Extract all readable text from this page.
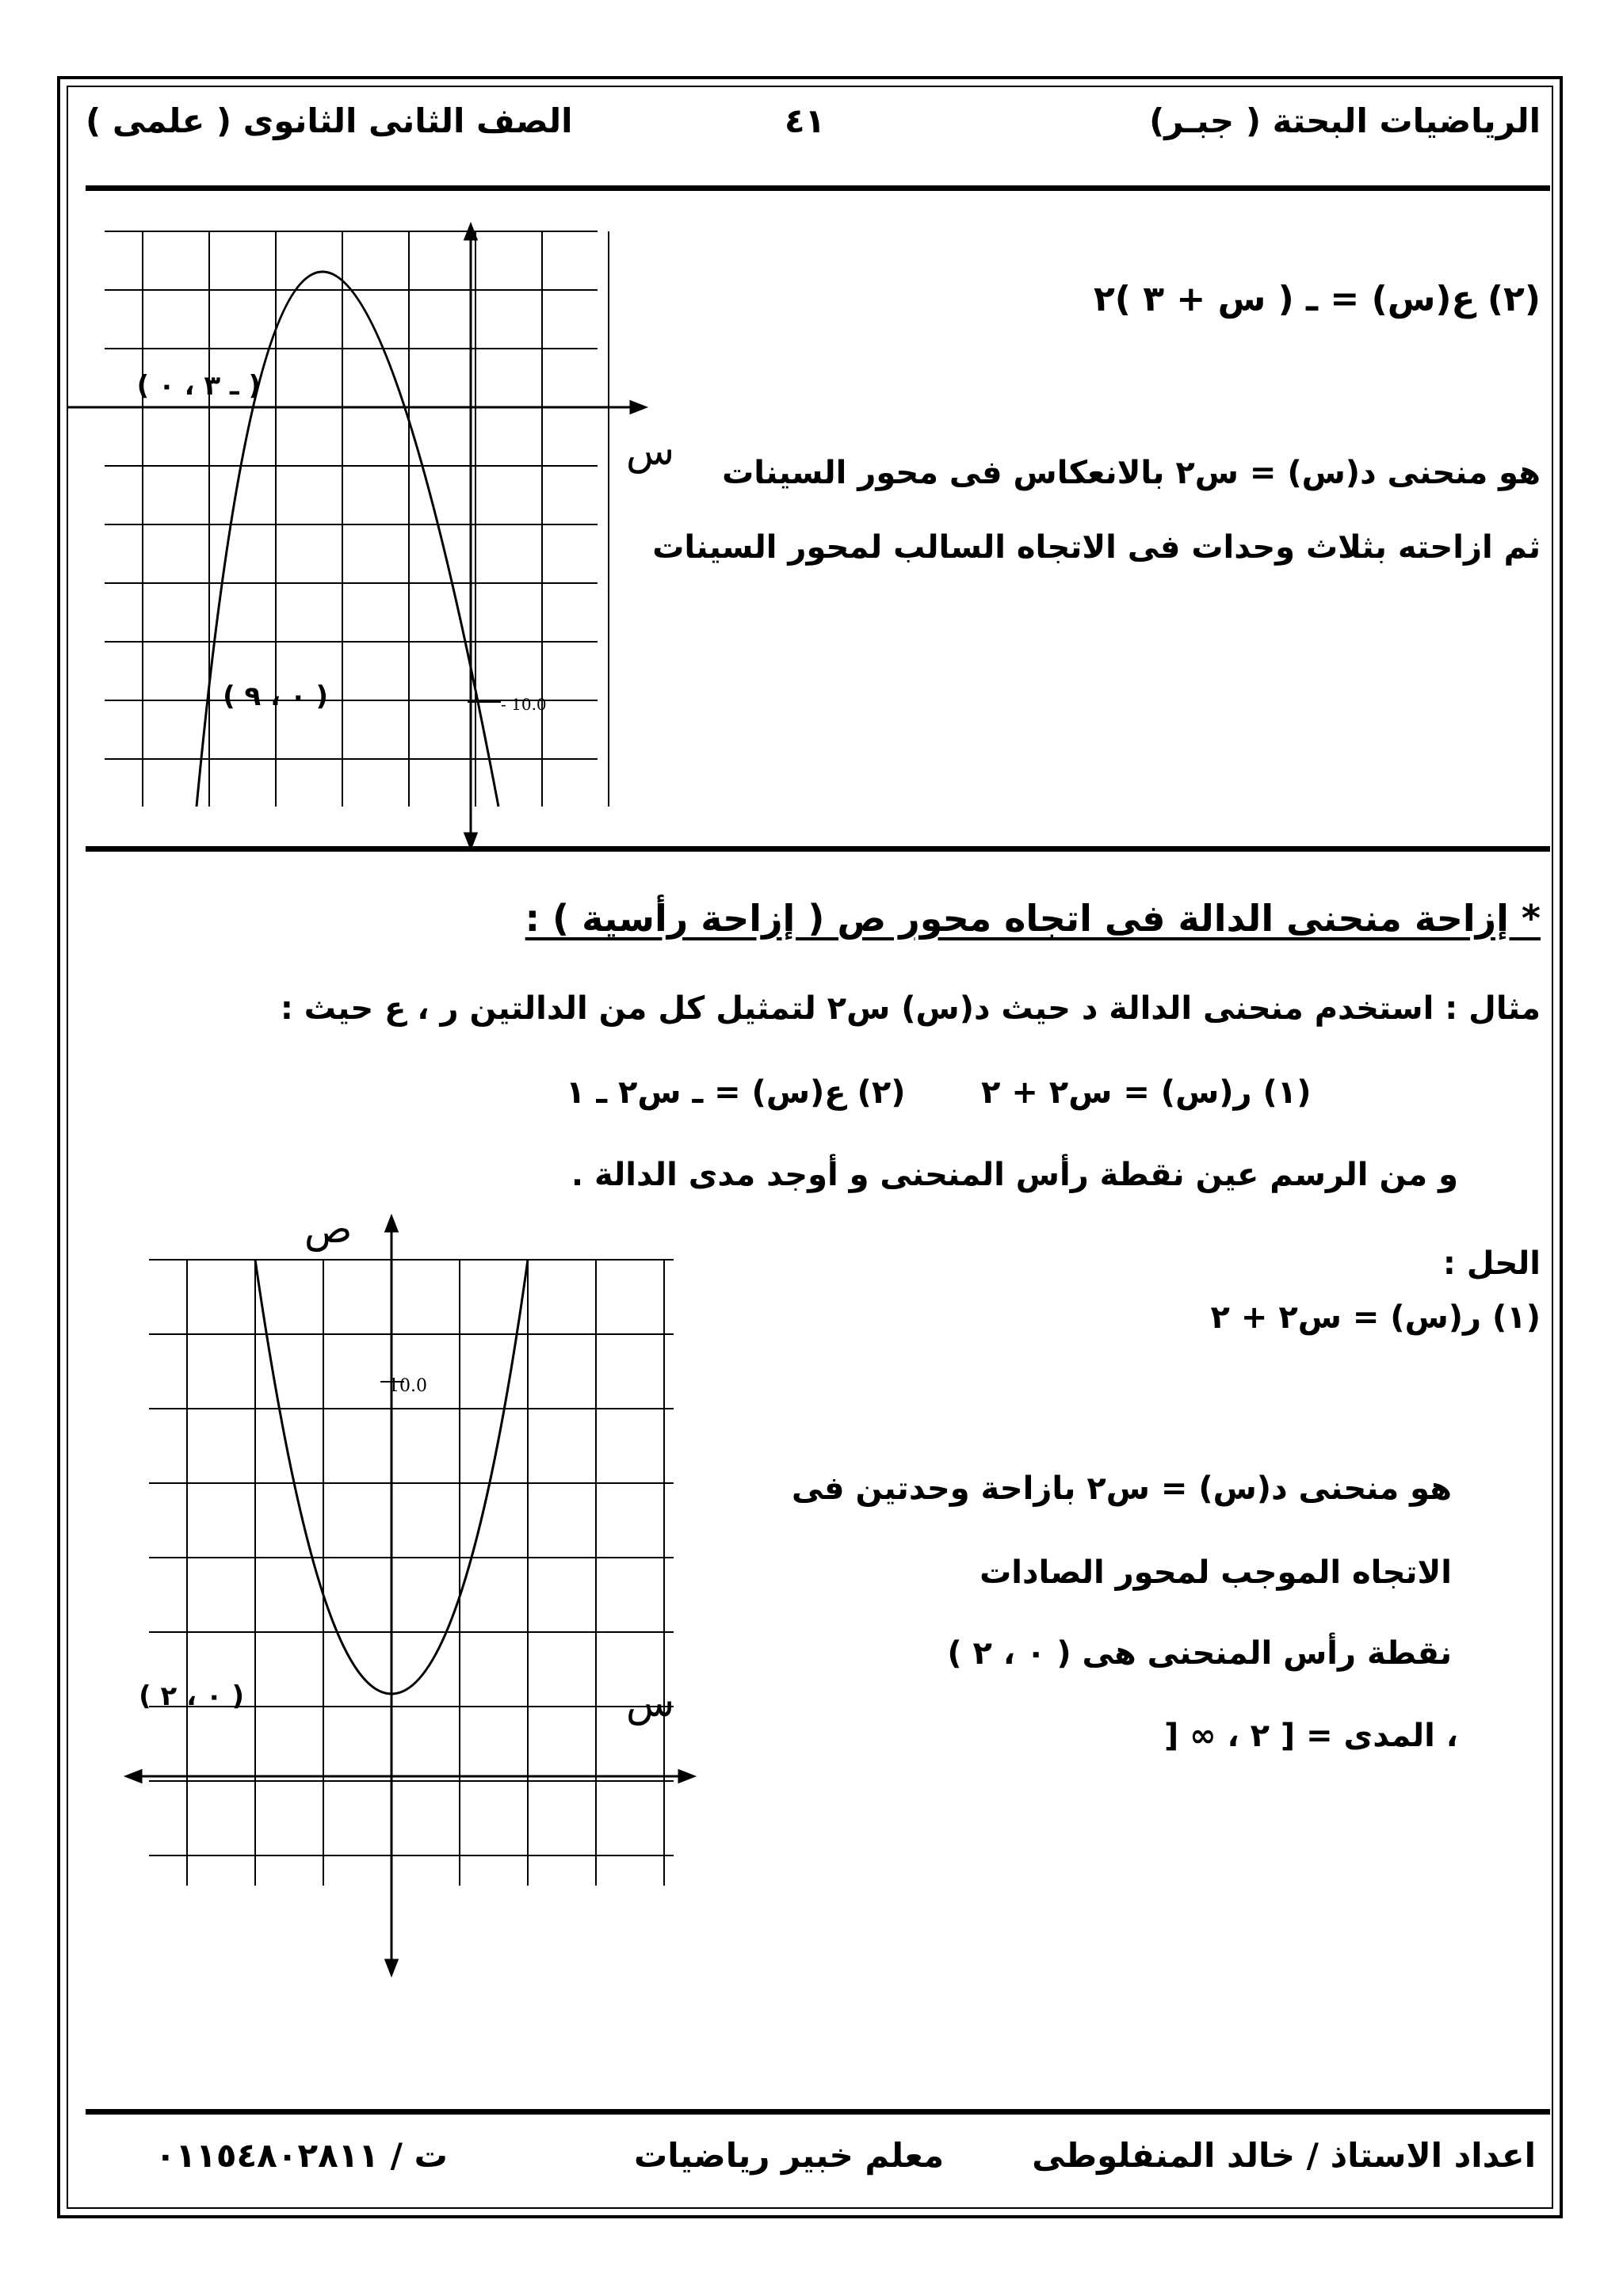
الرياضيات البحتة ( جبـر)
٤١
الصف الثانى الثانوى ( علمى )
(٢) ع(س) = ـ ( س + ٣ )٢
هو منحنى د(س) = س٢ بالانعكاس فى محور السينات
ثم ازاحته بثلاث وحدات فى الاتجاه السالب لمحور السينات
- 10.0
( ـ ٣ ، ٠ )
( ٠ ، ٩ )
س
* إزاحة منحنى الدالة فى اتجاه محور ص ( إزاحة رأسية ) :
مثال : استخدم منحنى الدالة د حيث د(س) س٢ لتمثيل كل من الدالتين ر ، ع حيث :
(١) ر(س) = س٢ + ٢
(٢) ع(س) = ـ س٢ ـ ١
و من الرسم عين نقطة رأس المنحنى و أوجد مدى الدالة .
الحل :
(١) ر(س) = س٢ + ٢
هو منحنى د(س) = س٢ بازاحة وحدتين فى
الاتجاه الموجب لمحور الصادات
نقطة رأس المنحنى هى ( ٠ ، ٢ )
، المدى = [ ٢ ، ∞ [
10.0
( ٠ ، ٢ )
ص
س
اعداد الاستاذ / خالد المنفلوطى
معلم خبير رياضيات
ت / ٠١١٥٤٨٠٢٨١١
